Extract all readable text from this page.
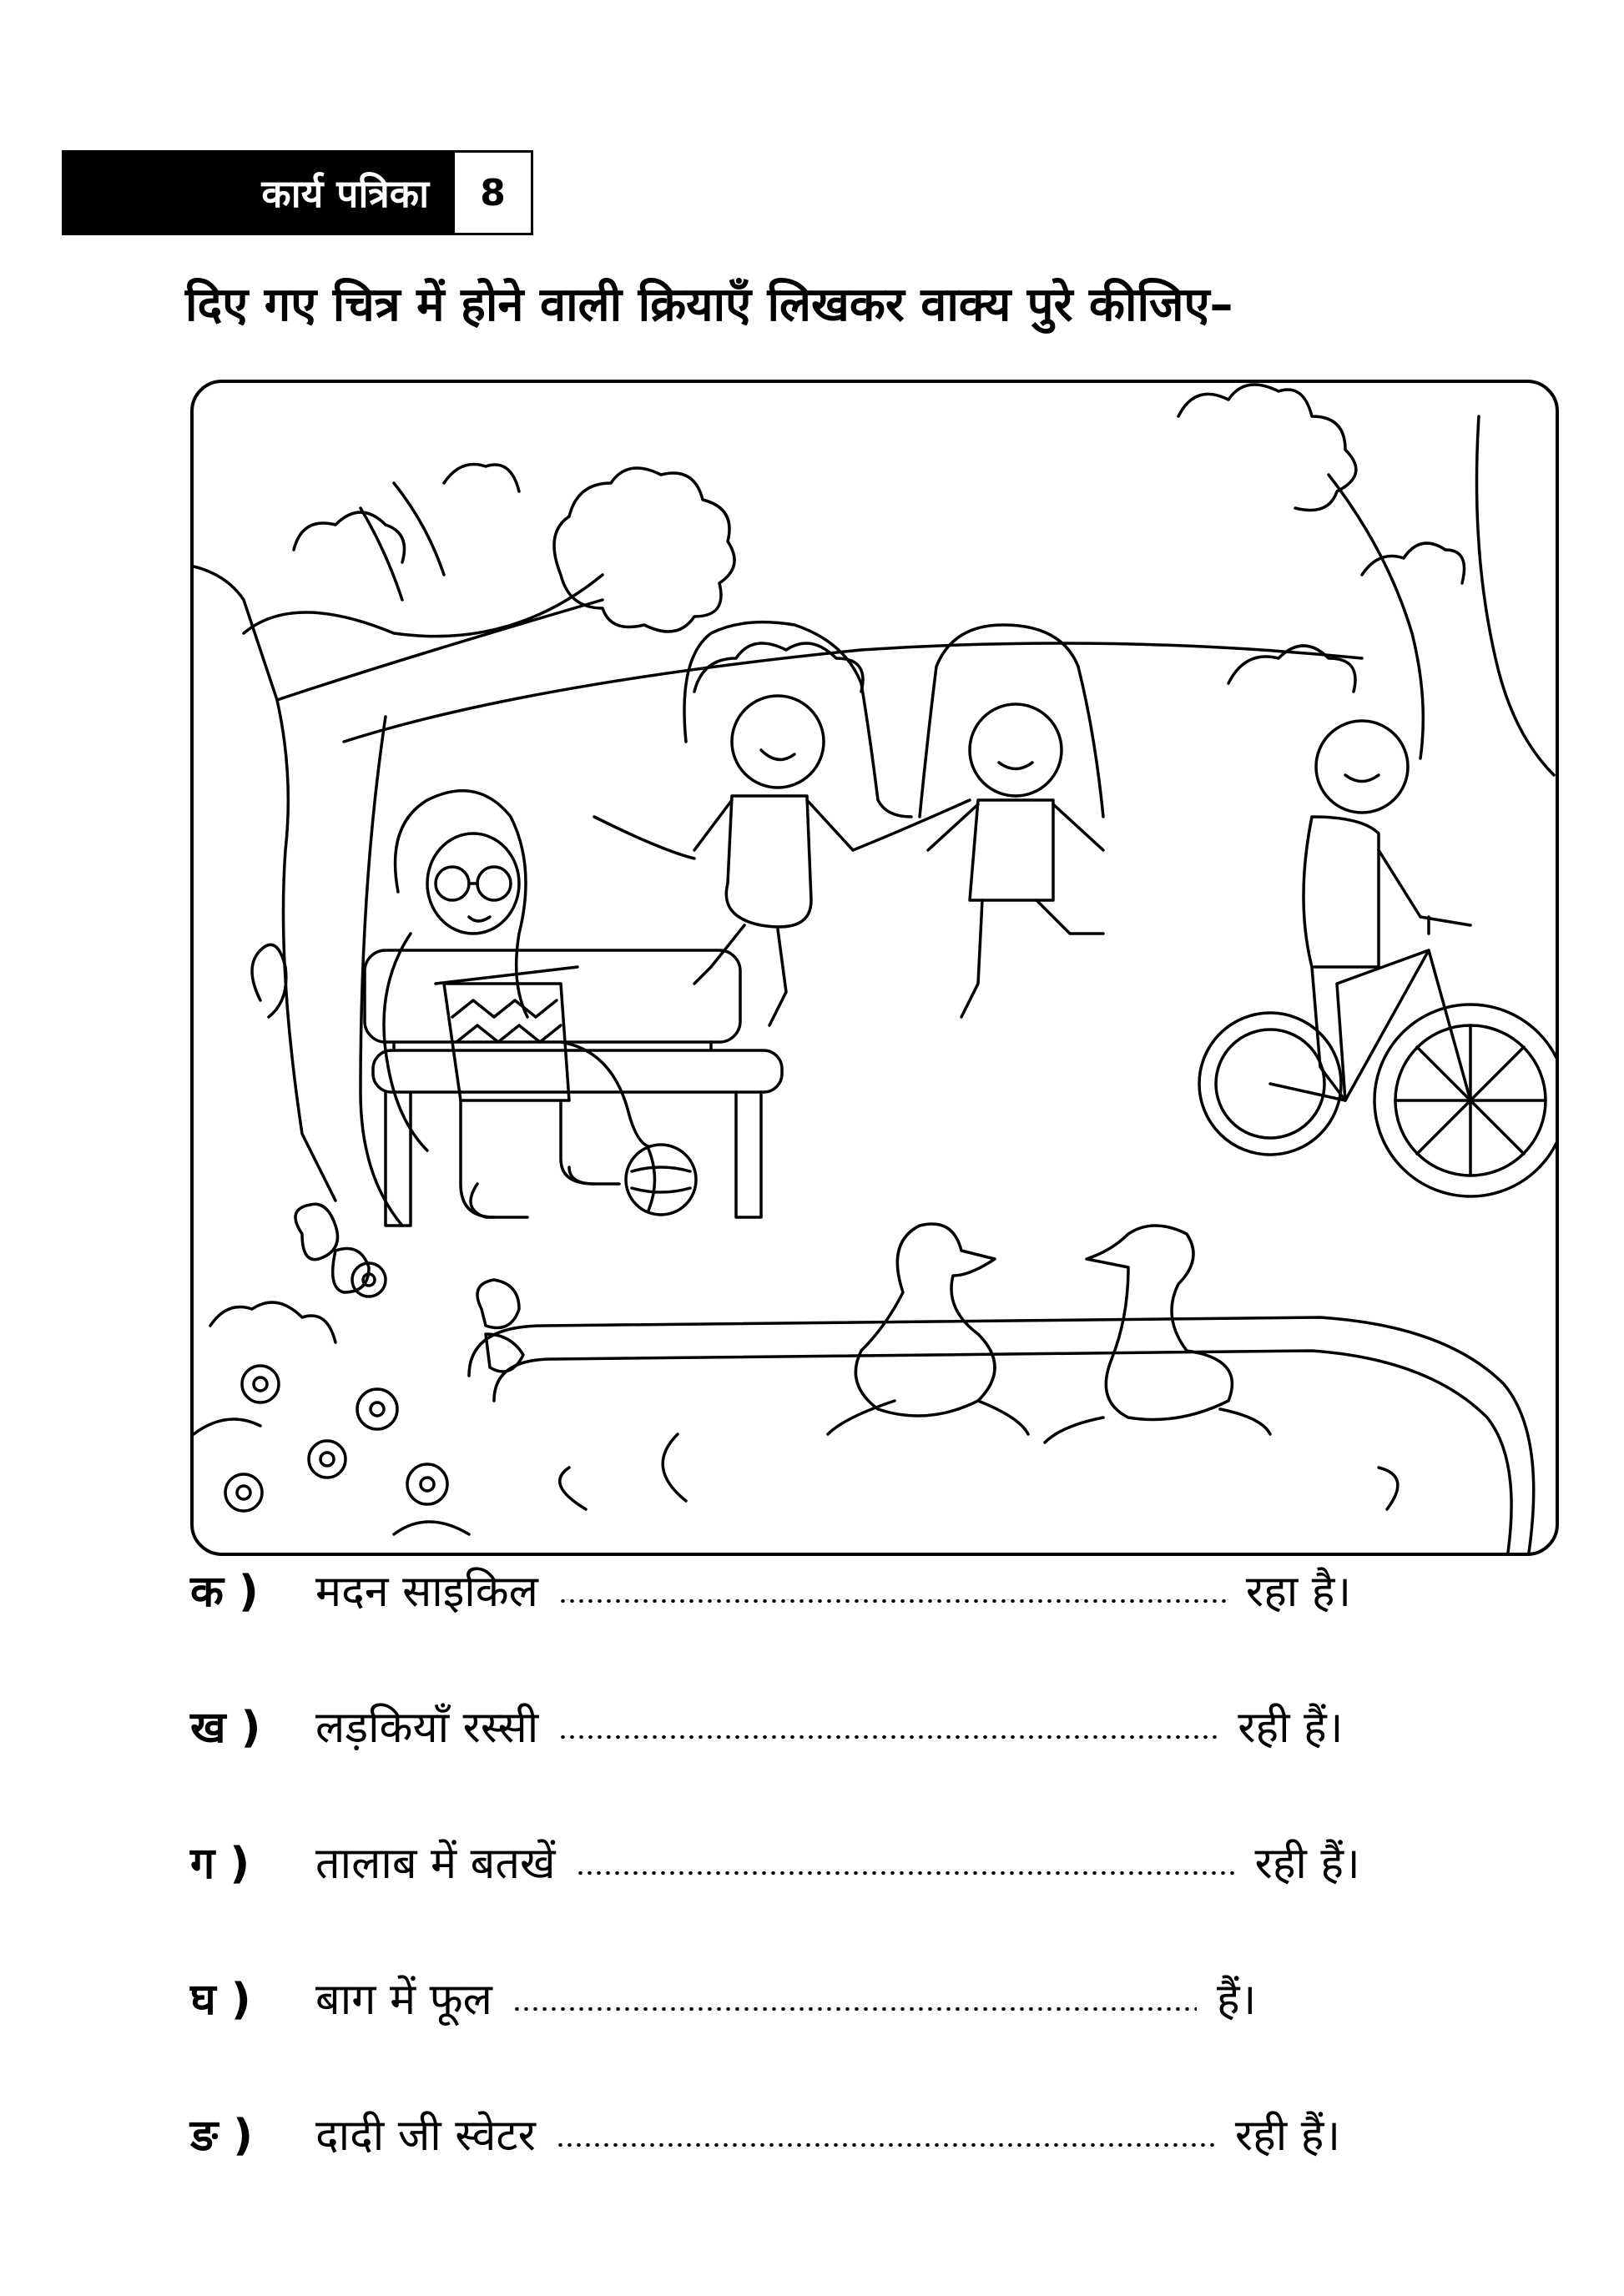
कार्य पत्रिका	8
दिए गए चित्र में होने वाली क्रियाएँ लिखकर वाक्य पुरे कीजिए–
क )	मदन साइकिल	रहा है।
ख )	लड़कियाँ रस्सी	रही हैं।
ग )	तालाब में बतखें	रही हैं।
घ )	बाग में फूल	हैं।
ङ )	दादी जी स्वेटर	रही हैं।
